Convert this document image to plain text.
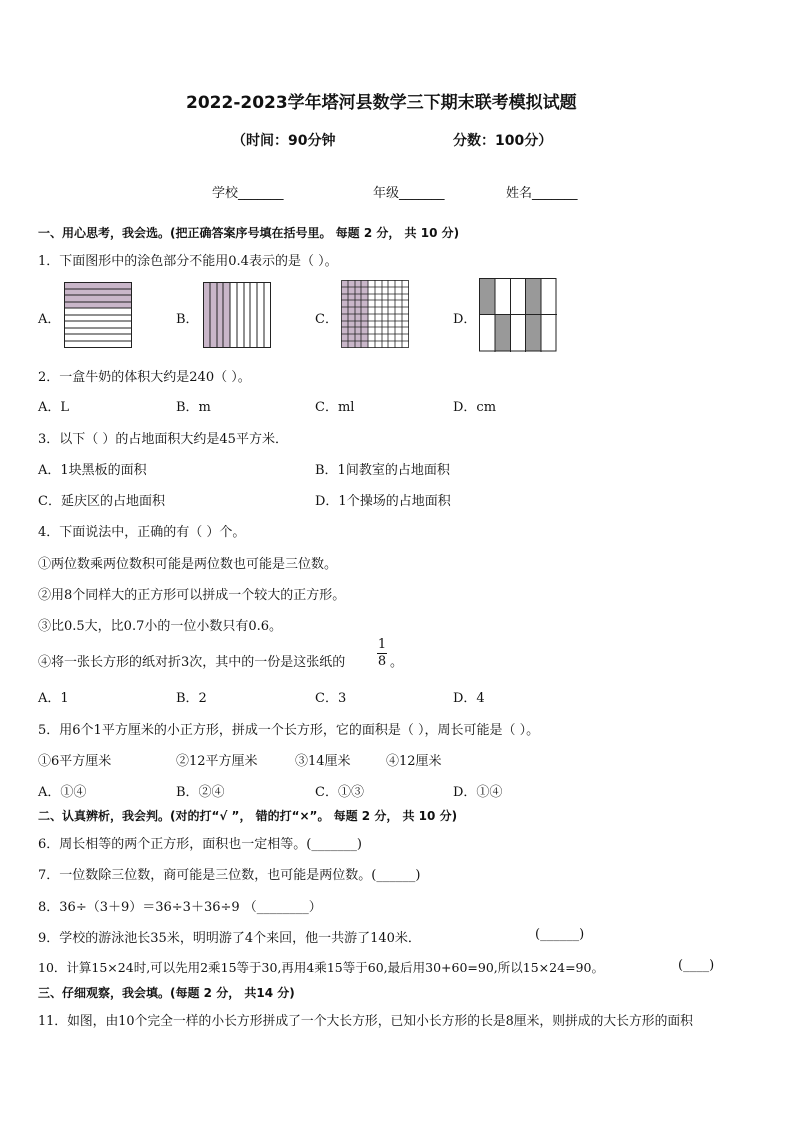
2022-2023学年塔河县数学三下期末联考模拟试题
（时间：90分钟	分数：100分）
学校_______	年级_______	姓名_______
一、用心思考，我会选。(把正确答案序号填在括号里。 每题 2 分， 共 10 分)
1．下面图形中的涂色部分不能用0.4表示的是（ ）。
A．	B．	C．	D．
2．一盒牛奶的体积大约是240（ ）。
A．L	B．m	C．ml	D．cm
3．以下（ ）的占地面积大约是45平方米．
A．1块黑板的面积	B．1间教室的占地面积
C．延庆区的占地面积	D．1个操场的占地面积
4．下面说法中，正确的有（ ）个。
①两位数乘两位数积可能是两位数也可能是三位数。
②用8个同样大的正方形可以拼成一个较大的正方形。
③比0.5大，比0.7小的一位小数只有0.6。
④将一张长方形的纸对折3次，其中的一份是这张纸的
1
8 。
A．1	B．2	C．3	D．4
5．用6个1平方厘米的小正方形，拼成一个长方形，它的面积是（ ），周长可能是（ ）。
①6平方厘米	②12平方厘米	③14厘米	④12厘米
A．①④	B．②④	C．①③	D．①④
二、认真辨析，我会判。(对的打“√ ”， 错的打“×”。 每题 2 分， 共 10 分)
6．周长相等的两个正方形，面积也一定相等。(_______)
7．一位数除三位数，商可能是三位数，也可能是两位数。(______)
8．36÷（3＋9）＝36÷3＋36÷9 （________）
9．学校的游泳池长35米，明明游了4个来回，他一共游了140米．	(______)
10．计算15×24时,可以先用2乘15等于30,再用4乘15等于60,最后用30+60=90,所以15×24=90。	(____)
三、仔细观察，我会填。(每题 2 分， 共14 分)
11．如图，由10个完全一样的小长方形拼成了一个大长方形，已知小长方形的长是8厘米，则拼成的大长方形的面积
